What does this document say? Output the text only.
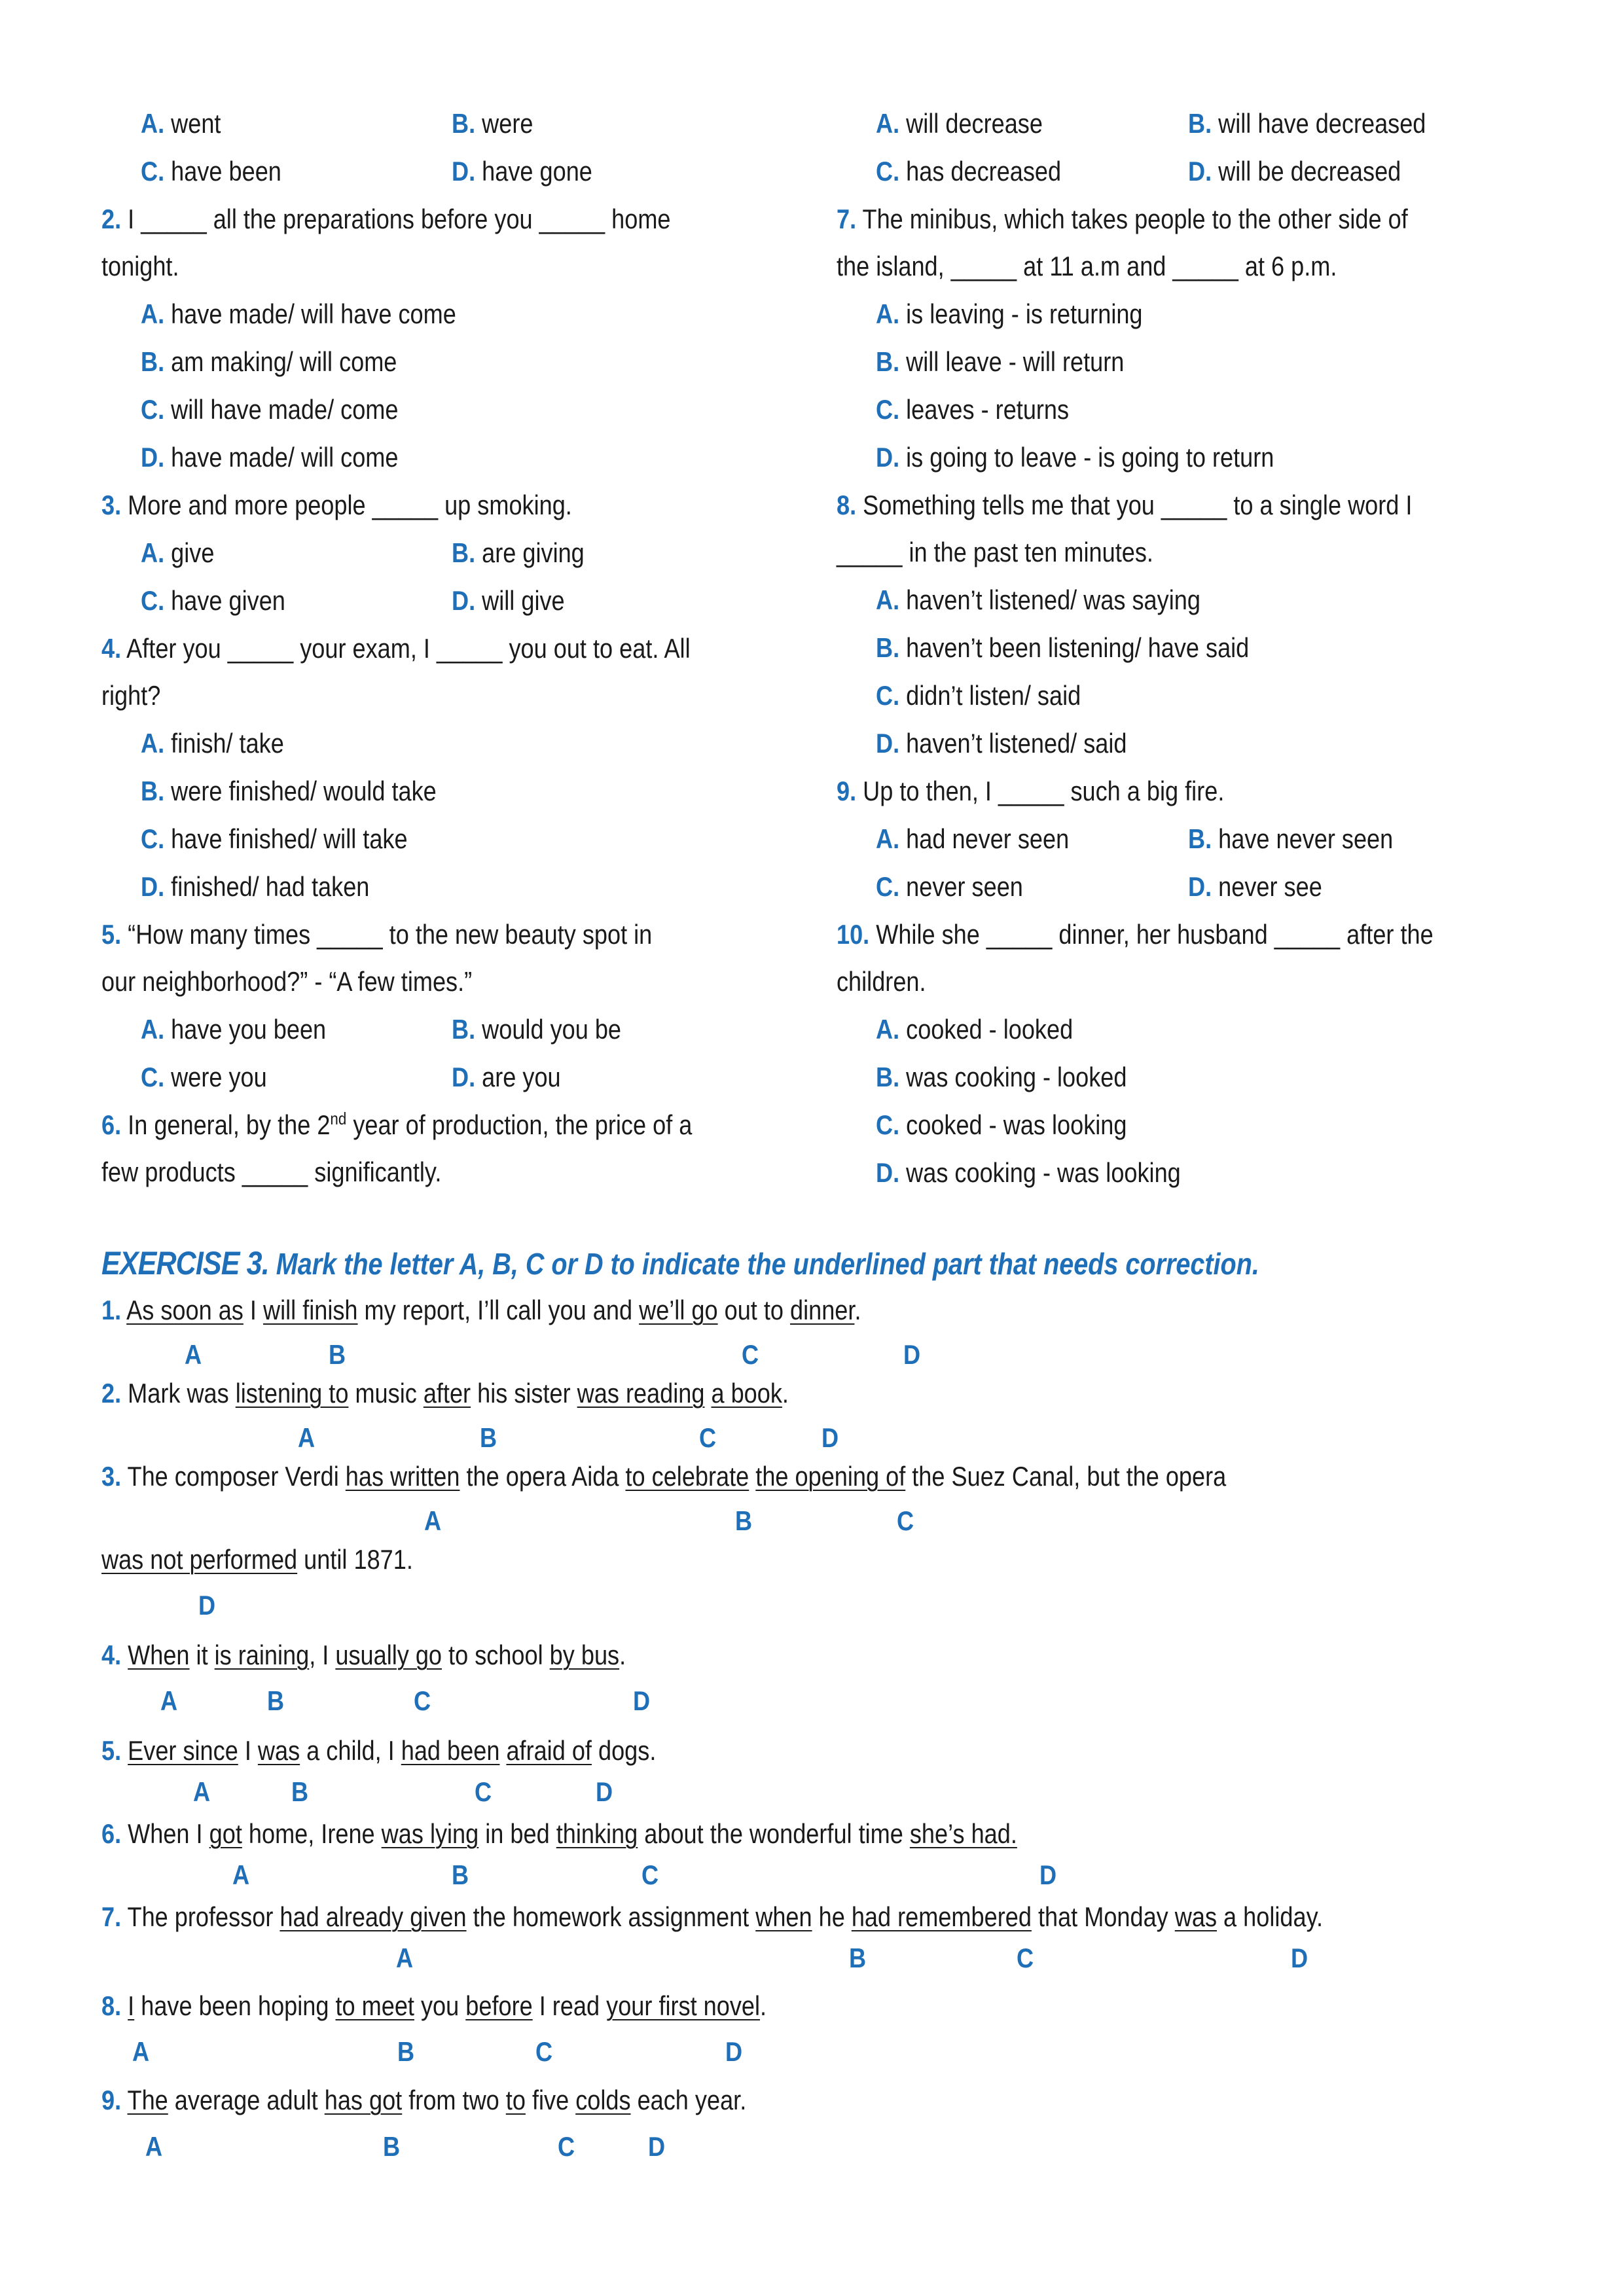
A. went	B. were
C. have been	D. have gone
2. I _____ all the preparations before you _____ home
tonight.
A. have made/ will have come
B. am making/ will come
C. will have made/ come
D. have made/ will come
3. More and more people _____ up smoking.
A. give	B. are giving
C. have given	D. will give
4. After you _____ your exam, I _____ you out to eat. All
right?
A. finish/ take
B. were finished/ would take
C. have finished/ will take
D. finished/ had taken
5. “How many times _____ to the new beauty spot in
our neighborhood?” - “A few times.”
A. have you been	B. would you be
C. were you	D. are you
6. In general, by the 2nd year of production, the price of a
few products _____ significantly.
A. will decrease	B. will have decreased
C. has decreased	D. will be decreased
7. The minibus, which takes people to the other side of
the island, _____ at 11 a.m and _____ at 6 p.m.
A. is leaving - is returning
B. will leave - will return
C. leaves - returns
D. is going to leave - is going to return
8. Something tells me that you _____ to a single word I
_____ in the past ten minutes.
A. haven’t listened/ was saying
B. haven’t been listening/ have said
C. didn’t listen/ said
D. haven’t listened/ said
9. Up to then, I _____ such a big fire.
A. had never seen	B. have never seen
C. never seen	D. never see
10. While she _____ dinner, her husband _____ after the
children.
A. cooked - looked
B. was cooking - looked
C. cooked - was looking
D. was cooking - was looking
EXERCISE 3. Mark the letter A, B, C or D to indicate the underlined part that needs correction.
1. As soon as I will finish my report, I’ll call you and we’ll go out to dinner.
A	B	C	D
2. Mark was listening to music after his sister was reading a book.
A	B	C	D
3. The composer Verdi has written the opera Aida to celebrate the opening of the Suez Canal, but the opera
A	B	C
was not performed until 1871.
D
4. When it is raining, I usually go to school by bus.
A	B	C	D
5. Ever since I was a child, I had been afraid of dogs.
A	B	C	D
6. When I got home, Irene was lying in bed thinking about the wonderful time she’s had.
A	B	C	D
7. The professor had already given the homework assignment when he had remembered that Monday was a holiday.
A	B	C	D
8. I have been hoping to meet you before I read your first novel.
A	B	C	D
9. The average adult has got from two to five colds each year.
A	B	C	D
